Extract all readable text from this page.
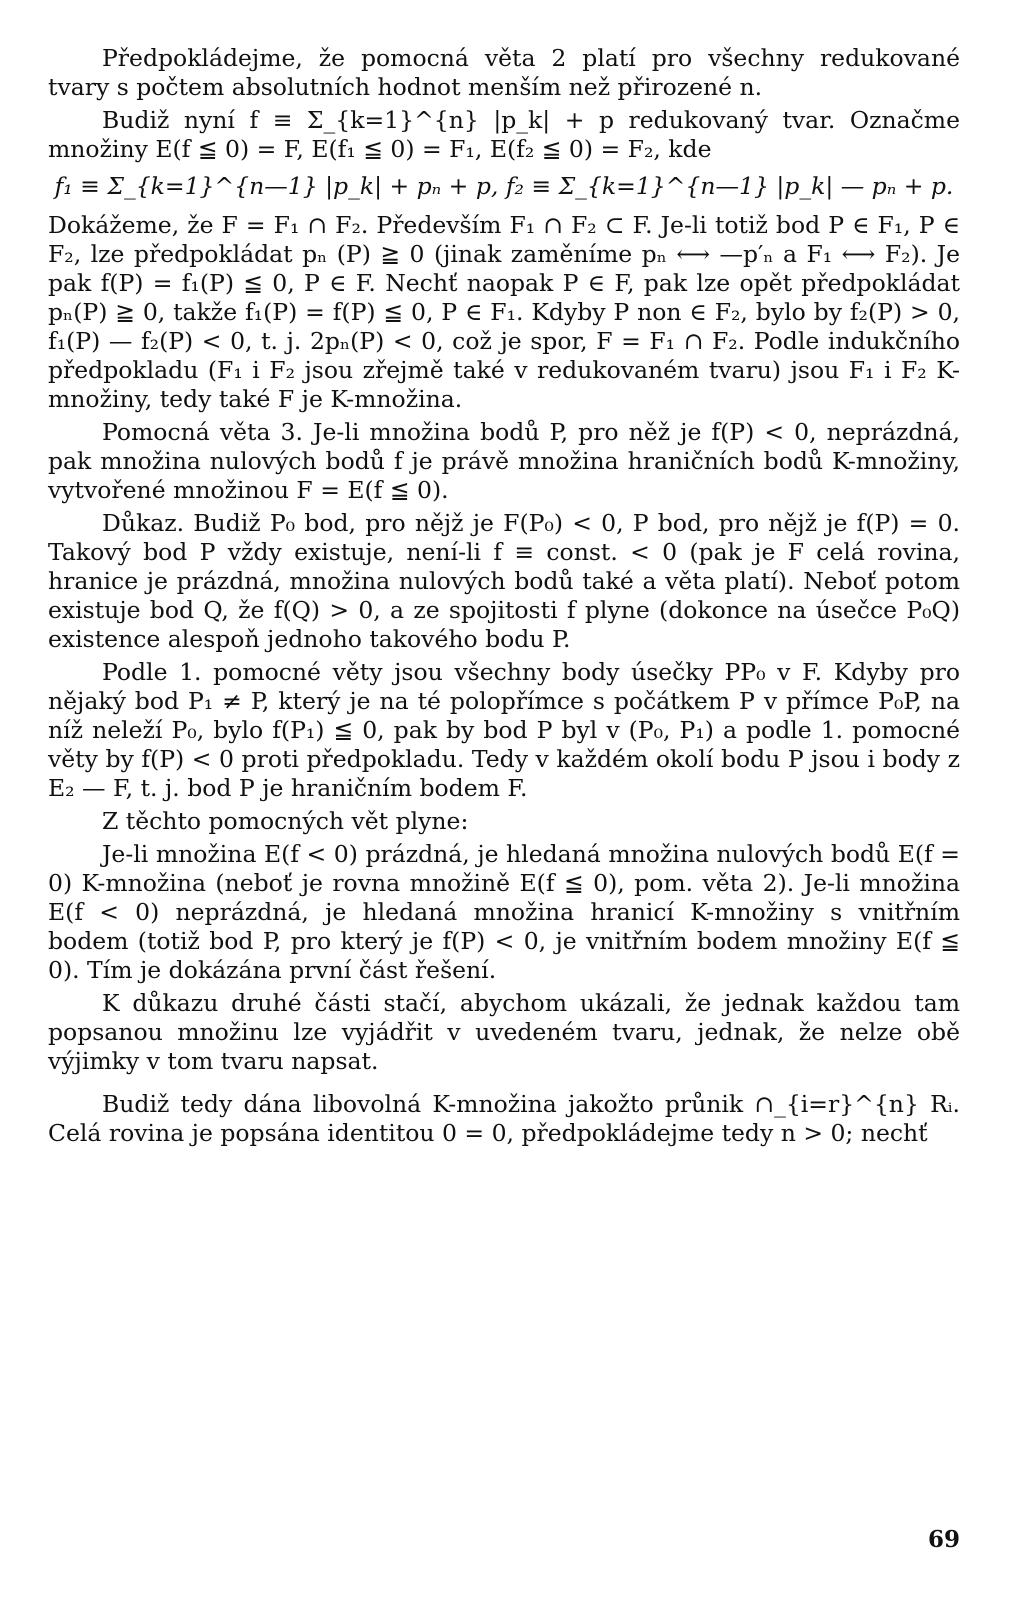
Předpokládejme, že pomocná věta 2 platí pro všechny redukované tvary s počtem absolutních hodnot menším než přirozené n.

Budiž nyní f ≡ Σ_{k=1}^{n} |p_k| + p redukovaný tvar. Označme množiny E(f ≦ 0) = F, E(f₁ ≦ 0) = F₁, E(f₂ ≦ 0) = F₂, kde

f₁ ≡ Σ_{k=1}^{n—1} |p_k| + pₙ + p, f₂ ≡ Σ_{k=1}^{n—1} |p_k| — pₙ + p.

Dokážeme, že F = F₁ ∩ F₂. Především F₁ ∩ F₂ ⊂ F. Je-li totiž bod P ∈ F₁, P ∈ F₂, lze předpokládat pₙ (P) ≧ 0 (jinak zaměníme pₙ ⟷ —p′ₙ a F₁ ⟷ F₂). Je pak f(P) = f₁(P) ≦ 0, P ∈ F. Nechť naopak P ∈ F, pak lze opět předpokládat pₙ(P) ≧ 0, takže f₁(P) = f(P) ≦ 0, P ∈ F₁. Kdyby P non ∈ F₂, bylo by f₂(P) > 0, f₁(P) — f₂(P) < 0, t. j. 2pₙ(P) < 0, což je spor, F = F₁ ∩ F₂. Podle indukčního předpokladu (F₁ i F₂ jsou zřejmě také v redukovaném tvaru) jsou F₁ i F₂ K-množiny, tedy také F je K-množina.

Pomocná věta 3. Je-li množina bodů P, pro něž je f(P) < 0, neprázdná, pak množina nulových bodů f je právě množina hraničních bodů K-množiny, vytvořené množinou F = E(f ≦ 0).

Důkaz. Budiž P₀ bod, pro nějž je F(P₀) < 0, P bod, pro nějž je f(P) = 0. Takový bod P vždy existuje, není-li f ≡ const. < 0 (pak je F celá rovina, hranice je prázdná, množina nulových bodů také a věta platí). Neboť potom existuje bod Q, že f(Q) > 0, a ze spojitosti f plyne (dokonce na úsečce P₀Q) existence alespoň jednoho takového bodu P.

Podle 1. pomocné věty jsou všechny body úsečky PP₀ v F. Kdyby pro nějaký bod P₁ ≠ P, který je na té polopřímce s počátkem P v přímce P₀P, na níž neleží P₀, bylo f(P₁) ≦ 0, pak by bod P byl v (P₀, P₁) a podle 1. pomocné věty by f(P) < 0 proti předpokladu. Tedy v každém okolí bodu P jsou i body z E₂ — F, t. j. bod P je hraničním bodem F.

Z těchto pomocných vět plyne:

Je-li množina E(f < 0) prázdná, je hledaná množina nulových bodů E(f = 0) K-množina (neboť je rovna množině E(f ≦ 0), pom. věta 2). Je-li množina E(f < 0) neprázdná, je hledaná množina hranicí K-množiny s vnitřním bodem (totiž bod P, pro který je f(P) < 0, je vnitřním bodem množiny E(f ≦ 0). Tím je dokázána první část řešení.

K důkazu druhé části stačí, abychom ukázali, že jednak každou tam popsanou množinu lze vyjádřit v uvedeném tvaru, jednak, že nelze obě výjimky v tom tvaru napsat.

Budiž tedy dána libovolná K-množina jakožto průnik ∩_{i=r}^{n} Rᵢ. Celá rovina je popsána identitou 0 = 0, předpokládejme tedy n > 0; nechť

69
